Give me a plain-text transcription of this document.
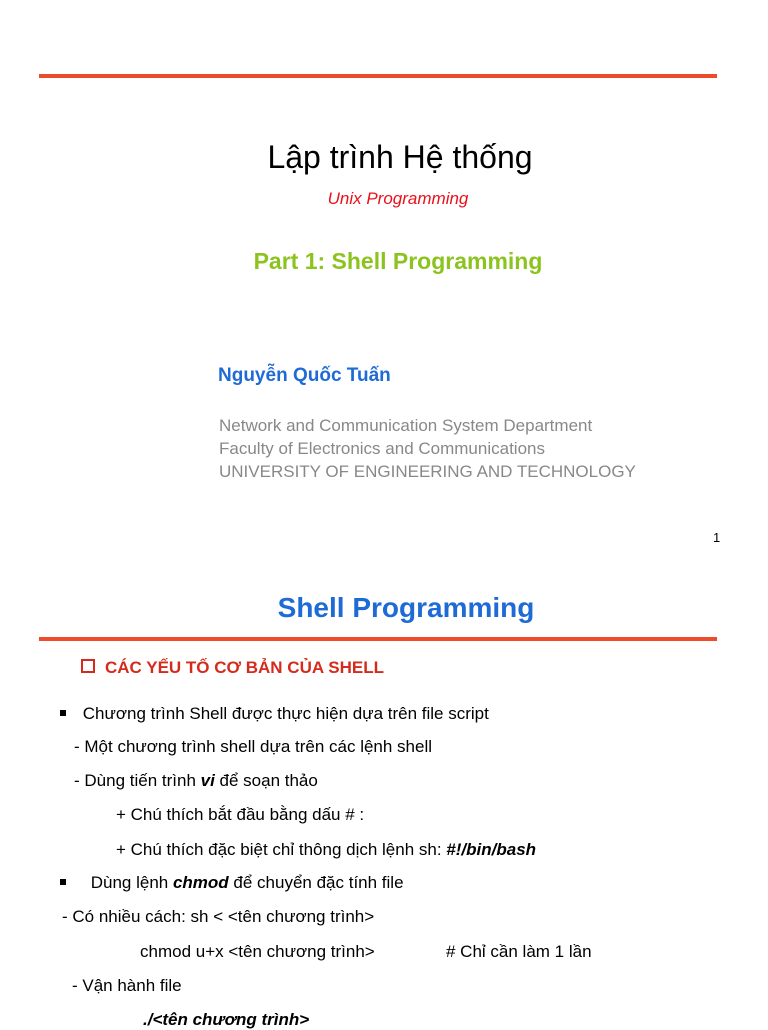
Lập trình Hệ thống
Unix Programming
Part 1: Shell Programming
Nguyễn Quốc Tuấn
Network and Communication System Department
Faculty of Electronics and Communications
UNIVERSITY OF ENGINEERING AND TECHNOLOGY
1
Shell Programming
CÁC YẾU TỐ CƠ BẢN CỦA SHELL
Chương trình Shell được thực hiện dựa trên file script
- Một chương trình shell dựa trên các lệnh shell
- Dùng tiến trình vi để soạn thảo
+ Chú thích bắt đầu bằng dấu # :
+ Chú thích đặc biệt chỉ thông dịch lệnh sh: #!/bin/bash
Dùng lệnh chmod để chuyển đặc tính file
- Có nhiều cách: sh < <tên chương trình>
chmod u+x <tên chương trình>	# Chỉ cần làm 1 lần
- Vận hành file
./<tên chương trình>
